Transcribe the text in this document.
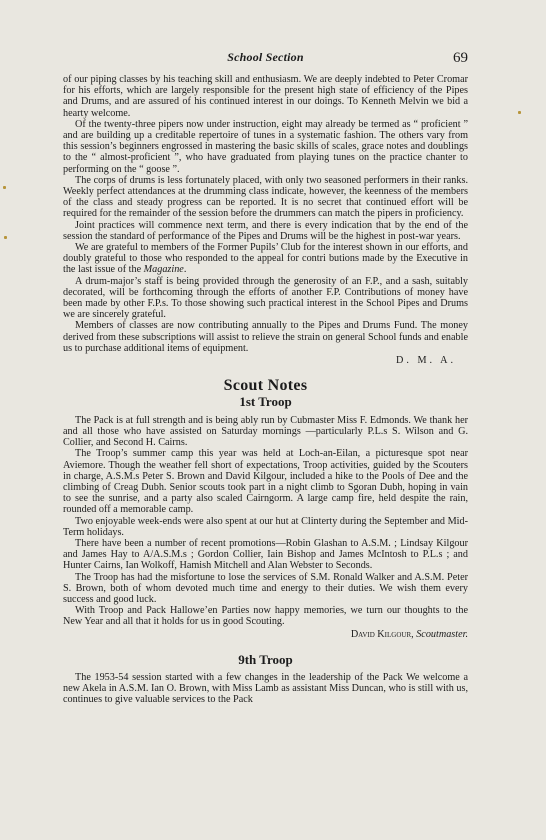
School Section	69

of our piping classes by his teaching skill and enthusiasm. We are deeply indebted to Peter Cromar for his efforts, which are largely responsible for the present high state of efficiency of the Pipes and Drums, and are assured of his continued interest in our doings. To Kenneth Melvin we bid a hearty welcome.

Of the twenty-three pipers now under instruction, eight may already be termed as “ proficient ” and are building up a creditable repertoire of tunes in a systematic fashion. The others vary from this session’s beginners engrossed in mastering the basic skills of scales, grace notes and doublings to the “ almost-proficient ”, who have graduated from playing tunes on the practice chanter to performing on the “ goose ”.

The corps of drums is less fortunately placed, with only two seasoned performers in their ranks. Weekly perfect attendances at the drumming class indicate, however, the keenness of the members of the class and steady progress can be reported. It is no secret that continued effort will be required for the remainder of the session before the drummers can match the pipers in proficiency.

Joint practices will commence next term, and there is every indication that by the end of the session the standard of performance of the Pipes and Drums will be the highest in post-war years.

We are grateful to members of the Former Pupils’ Club for the interest shown in our efforts, and doubly grateful to those who responded to the appeal for contri butions made by the Executive in the last issue of the Magazine.

A drum-major’s staff is being provided through the generosity of an F.P., and a sash, suitably decorated, will be forthcoming through the efforts of another F.P. Contributions of money have been made by other F.P.s. To those showing such practical interest in the School Pipes and Drums we are sincerely grateful.

Members of classes are now contributing annually to the Pipes and Drums Fund. The money derived from these subscriptions will assist to relieve the strain on general School funds and enable us to purchase additional items of equipment.

D. M. A.
Scout Notes
1st Troop

The Pack is at full strength and is being ably run by Cubmaster Miss F. Edmonds. We thank her and all those who have assisted on Saturday mornings —particularly P.L.s S. Wilson and G. Collier, and Second H. Cairns.

The Troop’s summer camp this year was held at Loch-an-Eilan, a picturesque spot near Aviemore. Though the weather fell short of expectations, Troop activities, guided by the Scouters in charge, A.S.M.s Peter S. Brown and David Kilgour, included a hike to the Pools of Dee and the climbing of Creag Dubh. Senior scouts took part in a night climb to Sgoran Dubh, hoping in vain to see the sunrise, and a party also scaled Cairngorm. A large camp fire, held despite the rain, rounded off a memorable camp.

Two enjoyable week-ends were also spent at our hut at Clinterty during the September and Mid-Term holidays.

There have been a number of recent promotions—Robin Glashan to A.S.M. ; Lindsay Kilgour and James Hay to A/A.S.M.s ; Gordon Collier, Iain Bishop and James McIntosh to P.L.s ; and Hunter Cairns, Ian Wolkoff, Hamish Mitchell and Alan Webster to Seconds.

The Troop has had the misfortune to lose the services of S.M. Ronald Walker and A.S.M. Peter S. Brown, both of whom devoted much time and energy to their duties. We wish them every success and good luck.

With Troop and Pack Hallowe’en Parties now happy memories, we turn our thoughts to the New Year and all that it holds for us in good Scouting.

David Kilgour, Scoutmaster.
9th Troop

The 1953-54 session started with a few changes in the leadership of the Pack We welcome a new Akela in A.S.M. Ian O. Brown, with Miss Lamb as assistant Miss Duncan, who is still with us, continues to give valuable services to the Pack
